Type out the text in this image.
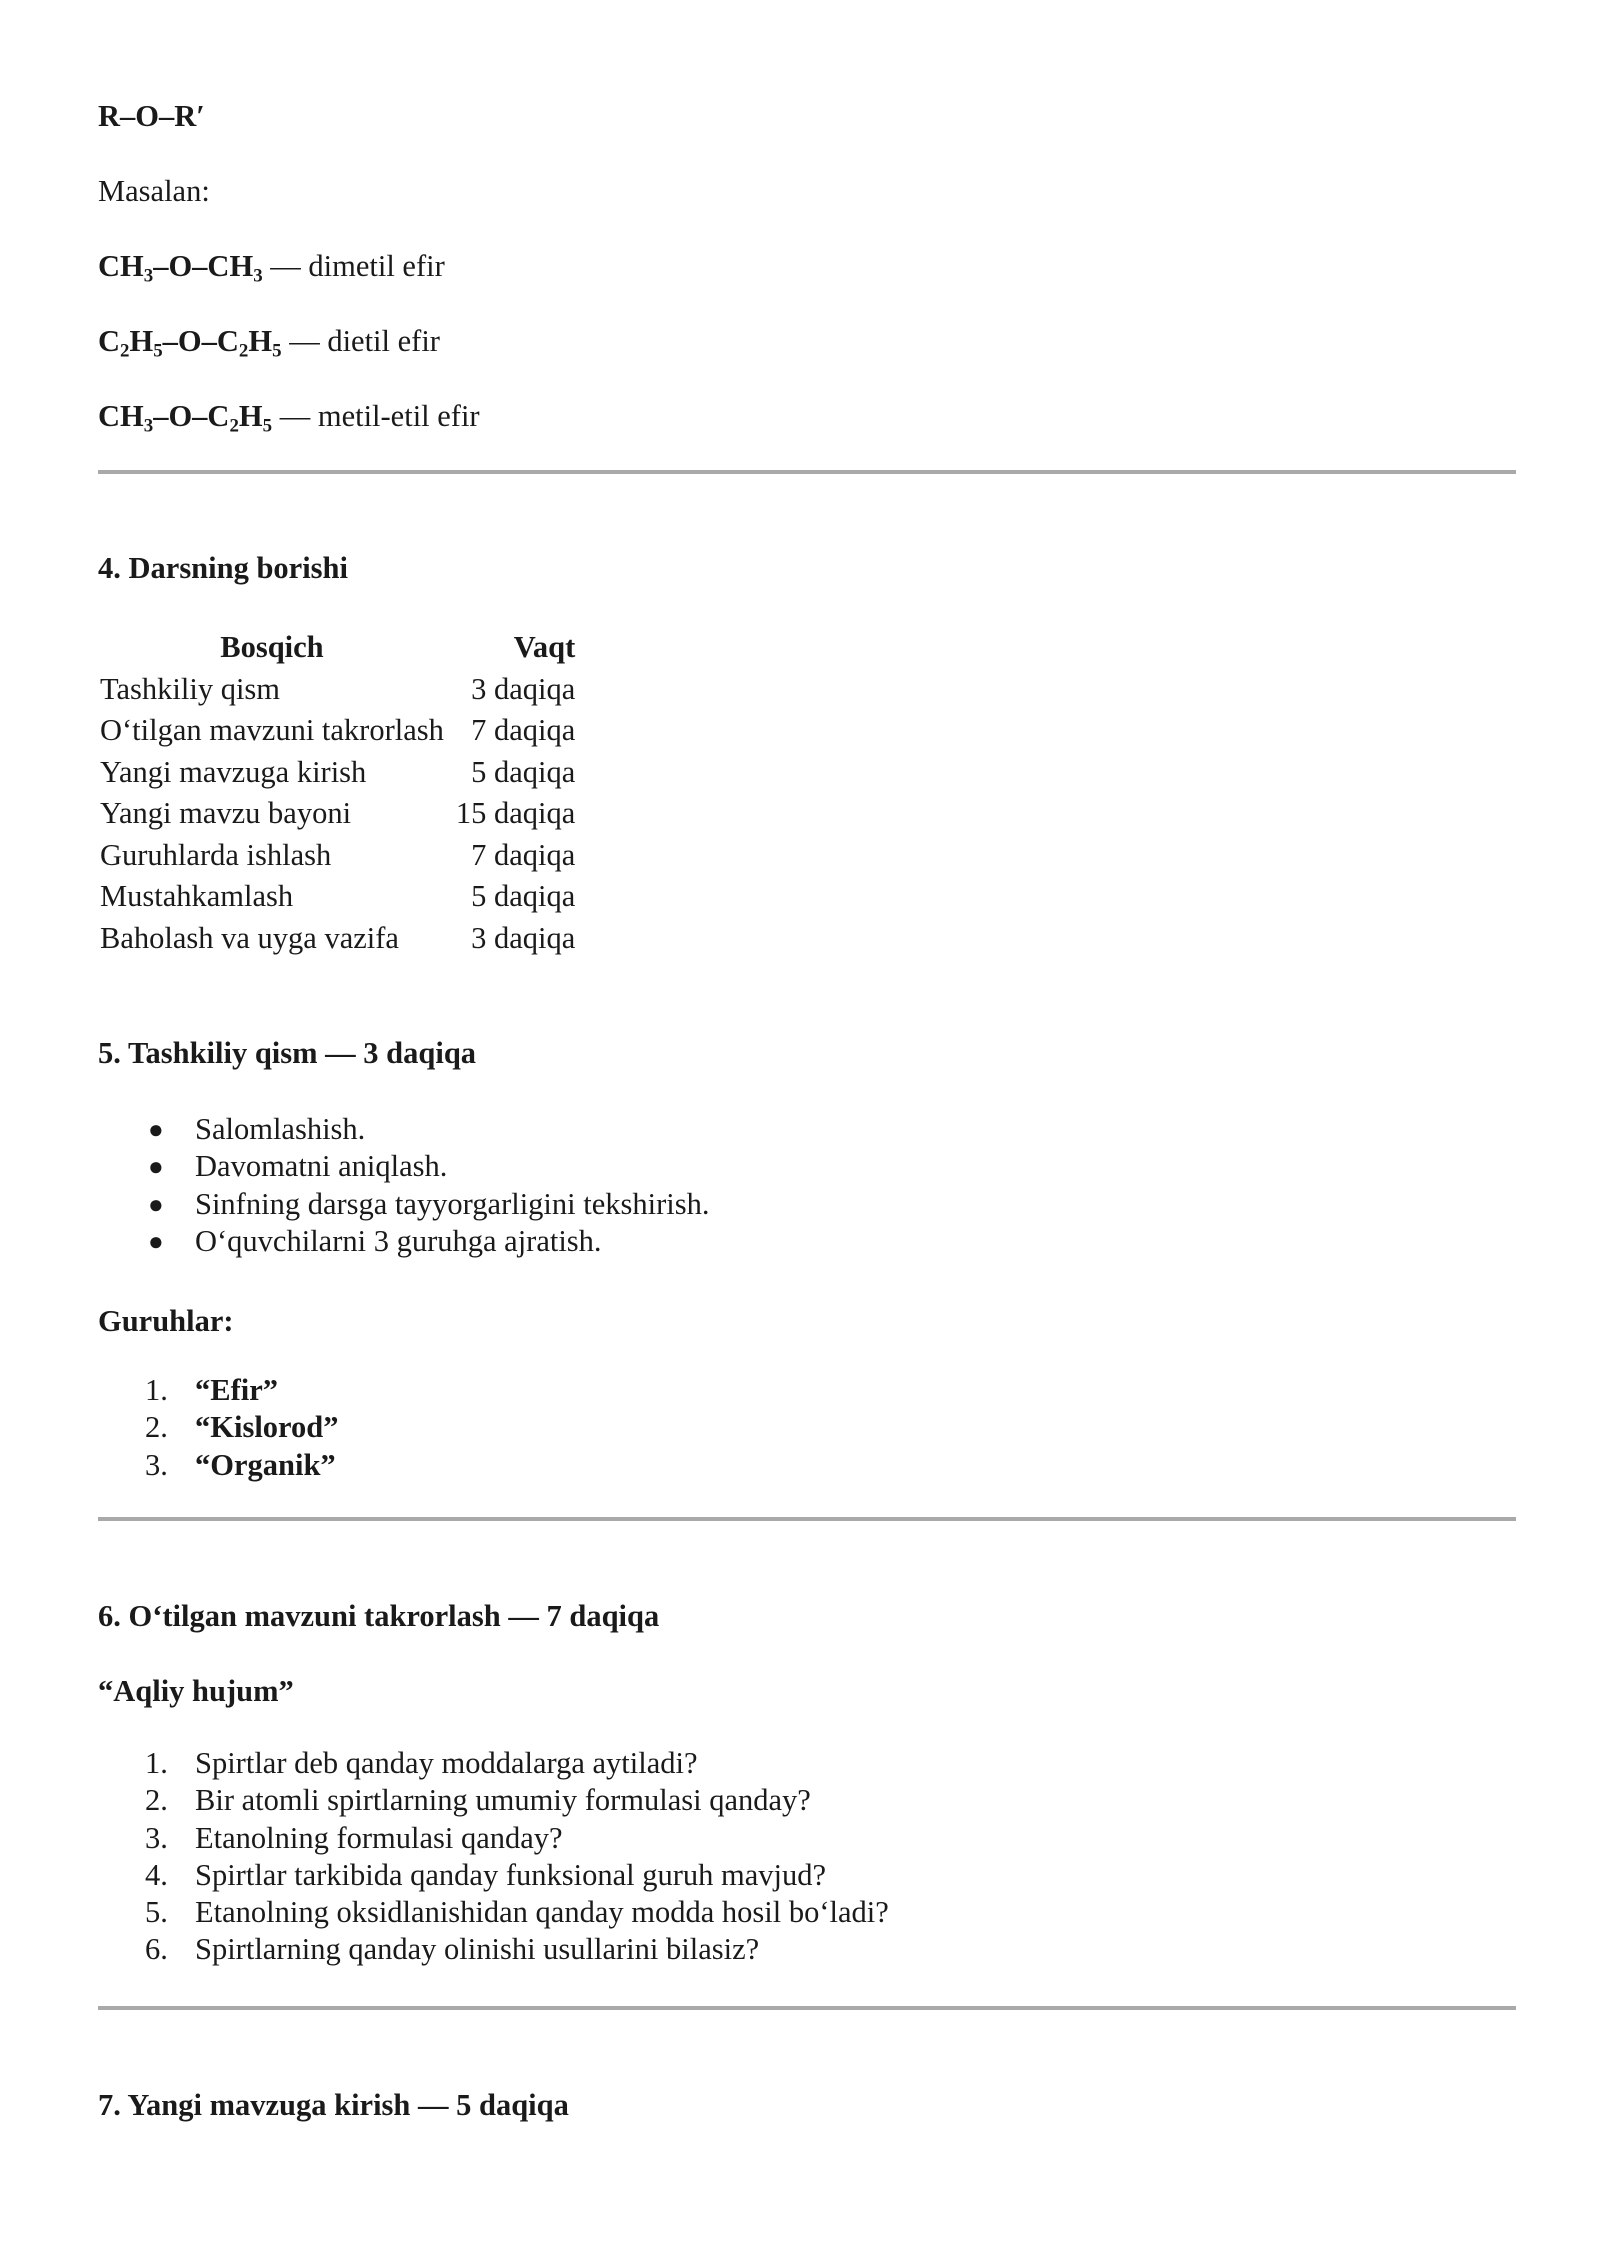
R–O–R′
Masalan:
$CH_3-O-CH_3$ — dimetil efir
$C_2H_5-O-C_2H_5$ — dietil efir
$CH_3-O-C_2H_5$ — metil-etil efir
4. Darsning borishi
Bosqich	Vaqt
Tashkiliy qism	3 daqiqa
O‘tilgan mavzuni takrorlash	7 daqiqa
Yangi mavzuga kirish	5 daqiqa
Yangi mavzu bayoni	15 daqiqa
Guruhlarda ishlash	7 daqiqa
Mustahkamlash	5 daqiqa
Baholash va uyga vazifa	3 daqiqa
5. Tashkiliy qism — 3 daqiqa
● Salomlashish.
● Davomatni aniqlash.
● Sinfning darsga tayyorgarligini tekshirish.
● O‘quvchilarni 3 guruhga ajratish.
Guruhlar:
1. “Efir”
2. “Kislorod”
3. “Organik”
6. O‘tilgan mavzuni takrorlash — 7 daqiqa
“Aqliy hujum”
1. Spirtlar deb qanday moddalarga aytiladi?
2. Bir atomli spirtlarning umumiy formulasi qanday?
3. Etanolning formulasi qanday?
4. Spirtlar tarkibida qanday funksional guruh mavjud?
5. Etanolning oksidlanishidan qanday modda hosil bo‘ladi?
6. Spirtlarning qanday olinishi usullarini bilasiz?
7. Yangi mavzuga kirish — 5 daqiqa
